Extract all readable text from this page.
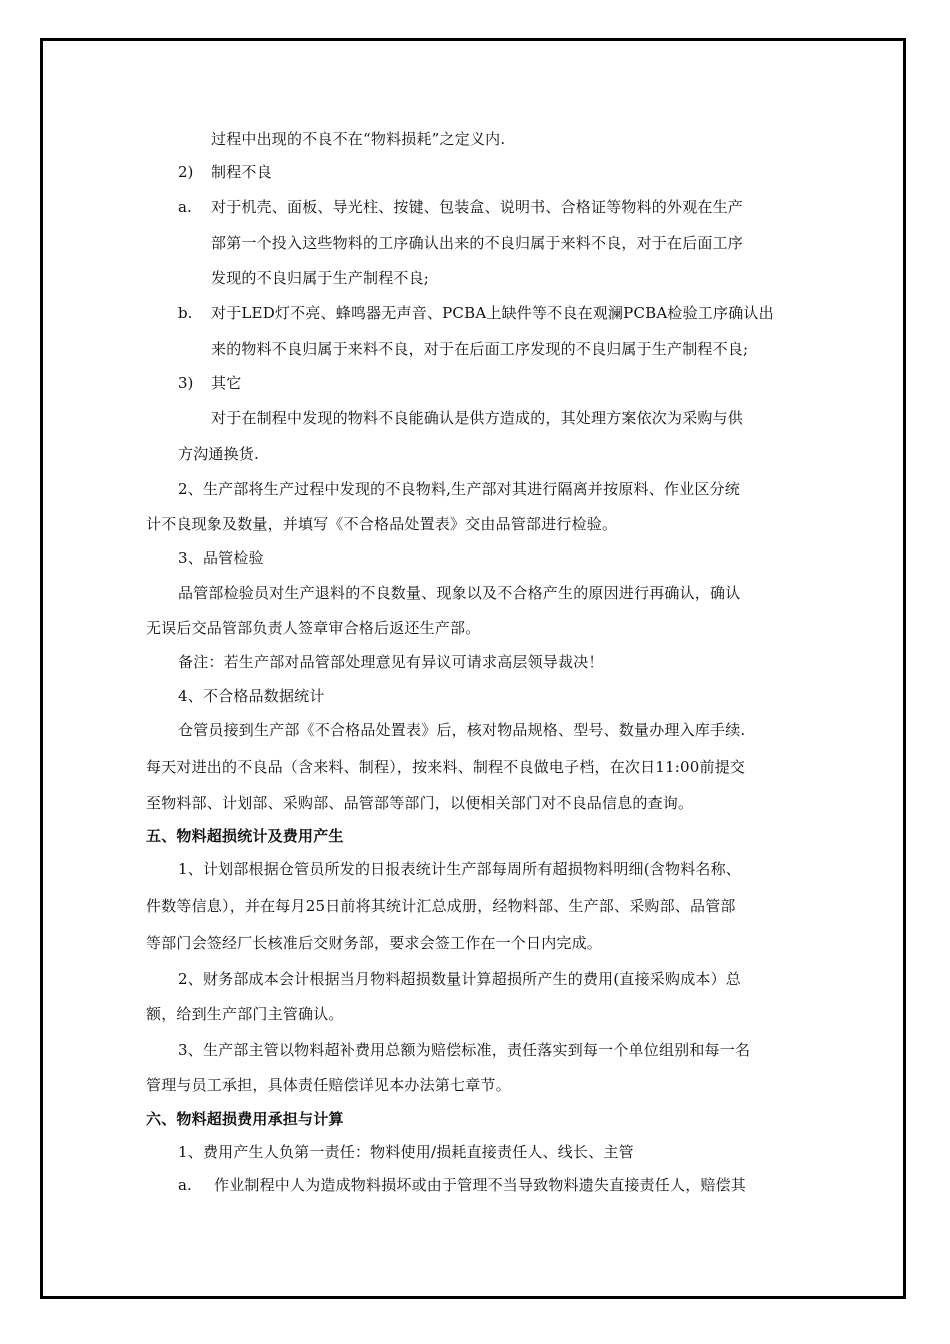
过程中出现的不良不在“物料损耗”之定义内.
2) 制程不良
a. 对于机壳、面板、导光柱、按键、包装盒、说明书、合格证等物料的外观在生产
部第一个投入这些物料的工序确认出来的不良归属于来料不良，对于在后面工序
发现的不良归属于生产制程不良;
b. 对于LED灯不亮、蜂鸣器无声音、PCBA上缺件等不良在观澜PCBA检验工序确认出
来的物料不良归属于来料不良，对于在后面工序发现的不良归属于生产制程不良;
3) 其它
对于在制程中发现的物料不良能确认是供方造成的，其处理方案依次为采购与供
方沟通换货.
2、生产部将生产过程中发现的不良物料,生产部对其进行隔离并按原料、作业区分统
计不良现象及数量，并填写《不合格品处置表》交由品管部进行检验。
3、品管检验
品管部检验员对生产退料的不良数量、现象以及不合格产生的原因进行再确认，确认
无误后交品管部负责人签章审合格后返还生产部。
备注：若生产部对品管部处理意见有异议可请求高层领导裁决！
4、不合格品数据统计
仓管员接到生产部《不合格品处置表》后，核对物品规格、型号、数量办理入库手续.
每天对进出的不良品（含来料、制程），按来料、制程不良做电子档，在次日11:00前提交
至物料部、计划部、采购部、品管部等部门，以便相关部门对不良品信息的查询。
五、物料超损统计及费用产生
1、计划部根据仓管员所发的日报表统计生产部每周所有超损物料明细(含物料名称、
件数等信息），并在每月25日前将其统计汇总成册，经物料部、生产部、采购部、品管部
等部门会签经厂长核准后交财务部，要求会签工作在一个日内完成。
2、财务部成本会计根据当月物料超损数量计算超损所产生的费用(直接采购成本）总
额，给到生产部门主管确认。
3、生产部主管以物料超补费用总额为赔偿标准，责任落实到每一个单位组别和每一名
管理与员工承担，具体责任赔偿详见本办法第七章节。
六、物料超损费用承担与计算
1、费用产生人负第一责任：物料使用/损耗直接责任人、线长、主管
a. 作业制程中人为造成物料损坏或由于管理不当导致物料遗失直接责任人，赔偿其
